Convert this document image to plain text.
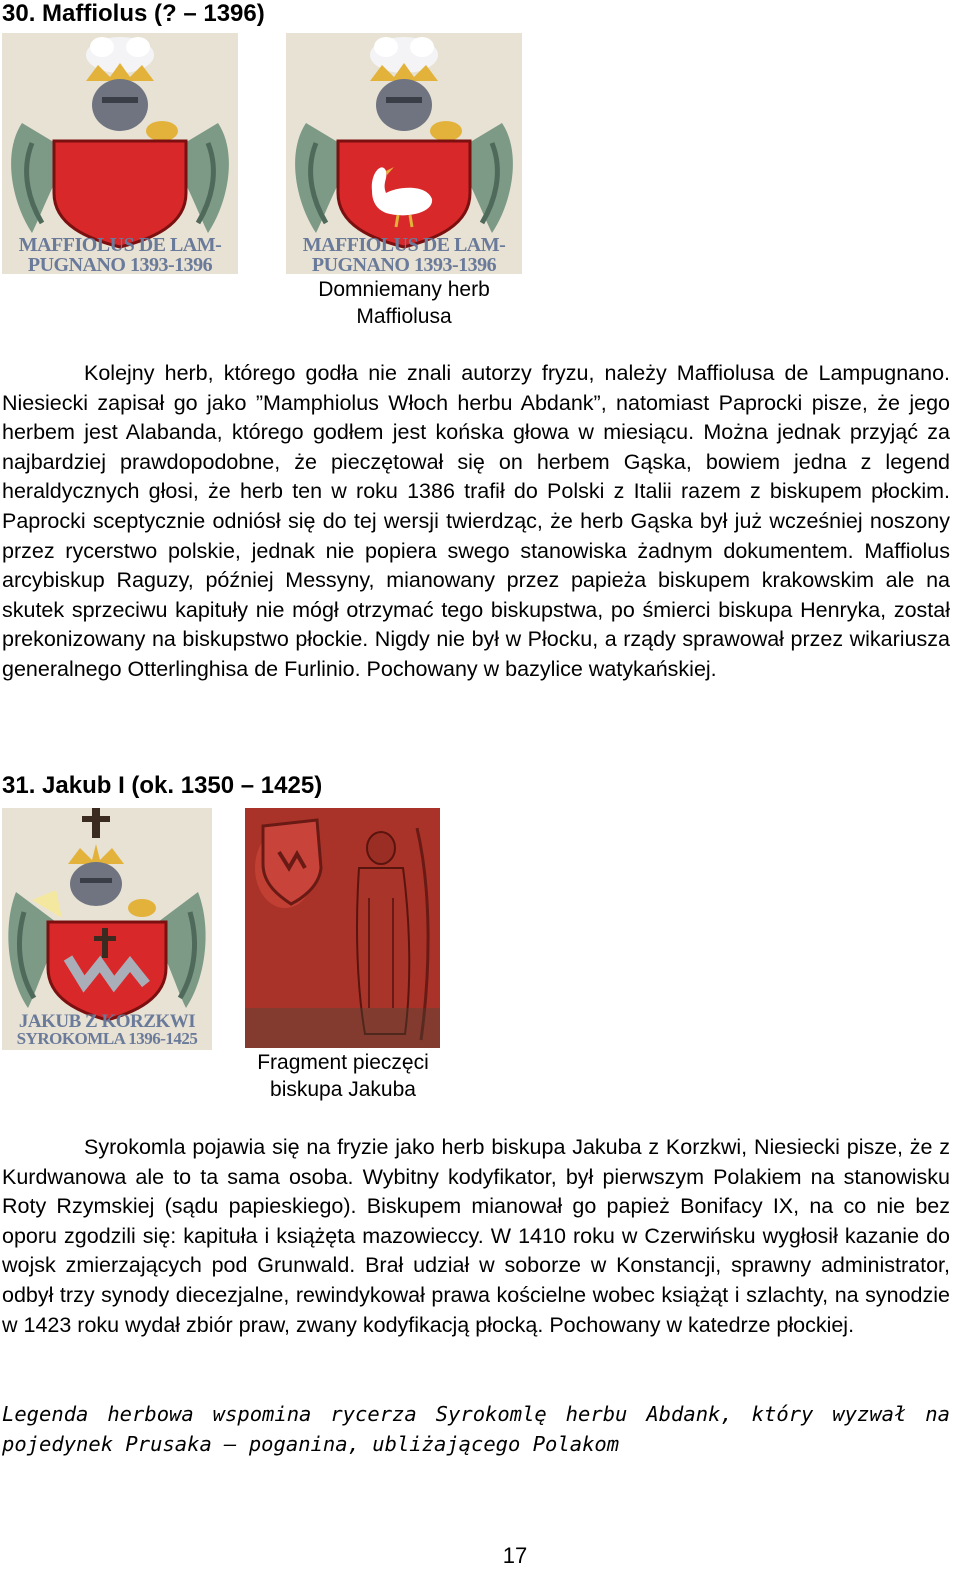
30. Maffiolus (? – 1396)
MAFFIOLUS DE LAM-
PUGNANO 1393-1396
MAFFIOLUS DE LAM-
PUGNANO 1393-1396
Domniemany herb
Maffiolusa

Kolejny herb, którego godła nie znali autorzy fryzu, należy Maffiolusa de Lampugnano. Niesiecki zapisał go jako ”Mamphiolus Włoch herbu Abdank”, natomiast Paprocki pisze, że jego herbem jest Alabanda, którego godłem jest końska głowa w miesiącu. Można jednak przyjąć za najbardziej prawdopodobne, że pieczętował się on herbem Gąska, bowiem jedna z legend heraldycznych głosi, że herb ten w roku 1386 trafił do Polski z Italii razem z biskupem płockim. Paprocki sceptycznie odniósł się do tej wersji twierdząc, że herb Gąska był już wcześniej noszony przez rycerstwo polskie, jednak nie popiera swego stanowiska żadnym dokumentem. Maffiolus arcybiskup Raguzy, później Messyny, mianowany przez papieża biskupem krakowskim ale na skutek sprzeciwu kapituły nie mógł otrzymać tego biskupstwa, po śmierci biskupa Henryka, został prekonizowany na biskupstwo płockie. Nigdy nie był w Płocku, a rządy sprawował przez wikariusza generalnego Otterlinghisa de Furlinio. Pochowany w bazylice watykańskiej.

31. Jakub I (ok. 1350 – 1425)
JAKUB Z KORZKWI
SYROKOMLA 1396-1425
Fragment pieczęci
biskupa Jakuba

Syrokomla pojawia się na fryzie jako herb biskupa Jakuba z Korzkwi, Niesiecki pisze, że z Kurdwanowa ale to ta sama osoba. Wybitny kodyfikator, był pierwszym Polakiem na stanowisku Roty Rzymskiej (sądu papieskiego). Biskupem mianował go papież Bonifacy IX, na co nie bez oporu zgodzili się: kapituła i książęta mazowieccy. W 1410 roku w Czerwińsku wygłosił kazanie do wojsk zmierzających pod Grunwald. Brał udział w soborze w Konstancji, sprawny administrator, odbył trzy synody diecezjalne, rewindykował prawa kościelne wobec książąt i szlachty, na synodzie w 1423 roku wydał zbiór praw, zwany kodyfikacją płocką. Pochowany w katedrze płockiej.

Legenda herbowa wspomina rycerza Syrokomlę herbu Abdank, który wyzwał na pojedynek Prusaka – poganina, ubliżającego Polakom

17
